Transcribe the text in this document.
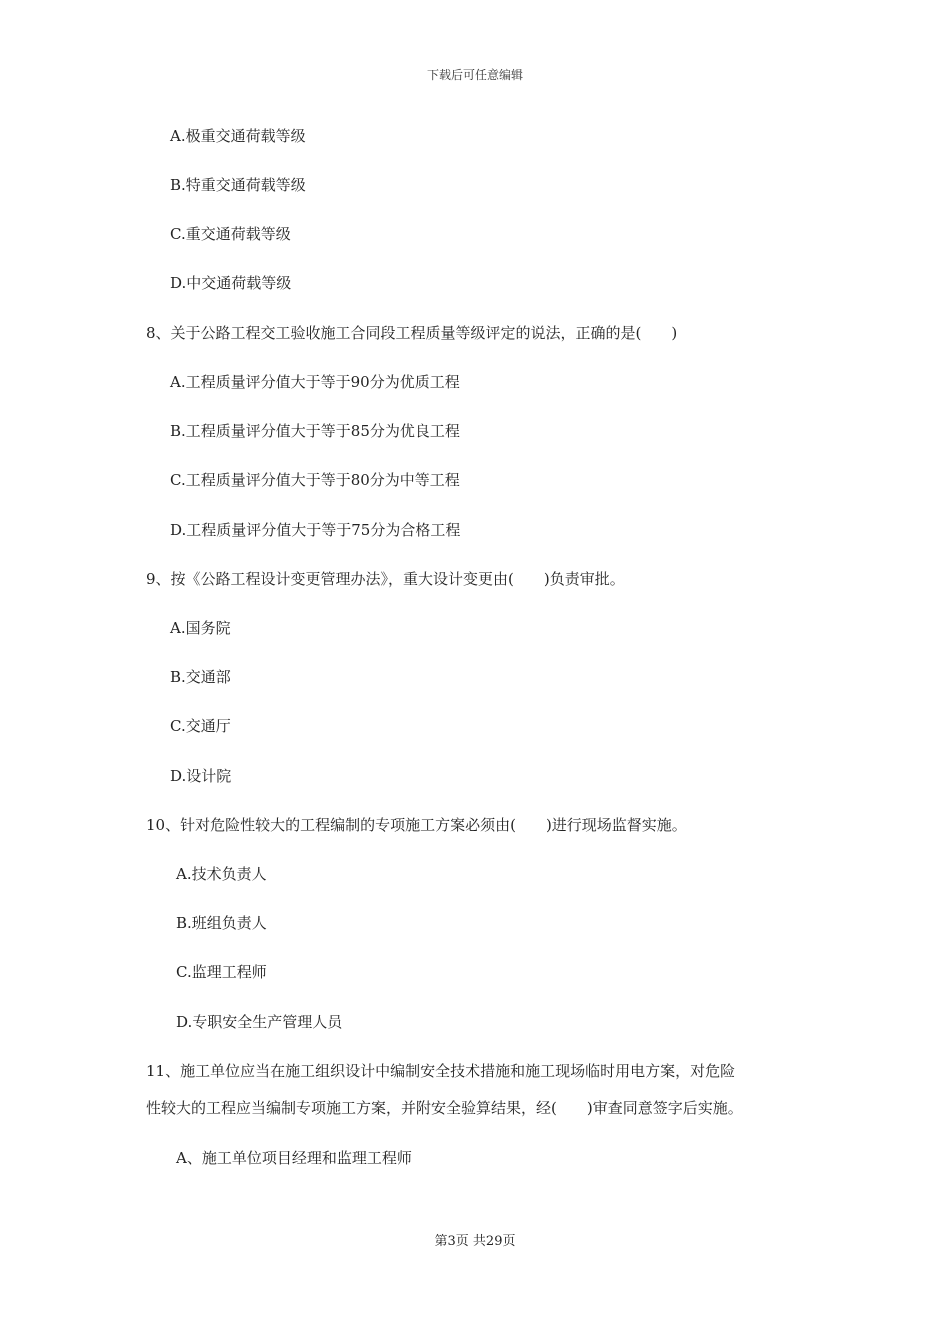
下载后可任意编辑
A.极重交通荷载等级
B.特重交通荷载等级
C.重交通荷载等级
D.中交通荷载等级
8、关于公路工程交工验收施工合同段工程质量等级评定的说法，正确的是(　　)
A.工程质量评分值大于等于90分为优质工程
B.工程质量评分值大于等于85分为优良工程
C.工程质量评分值大于等于80分为中等工程
D.工程质量评分值大于等于75分为合格工程
9、按《公路工程设计变更管理办法》，重大设计变更由(　　)负责审批。
A.国务院
B.交通部
C.交通厅
D.设计院
10、针对危险性较大的工程编制的专项施工方案必须由(　　)进行现场监督实施。
A.技术负责人
B.班组负责人
C.监理工程师
D.专职安全生产管理人员
11、施工单位应当在施工组织设计中编制安全技术措施和施工现场临时用电方案，对危险
性较大的工程应当编制专项施工方案，并附安全验算结果，经(　　)审查同意签字后实施。
A、施工单位项目经理和监理工程师
第3页 共29页
